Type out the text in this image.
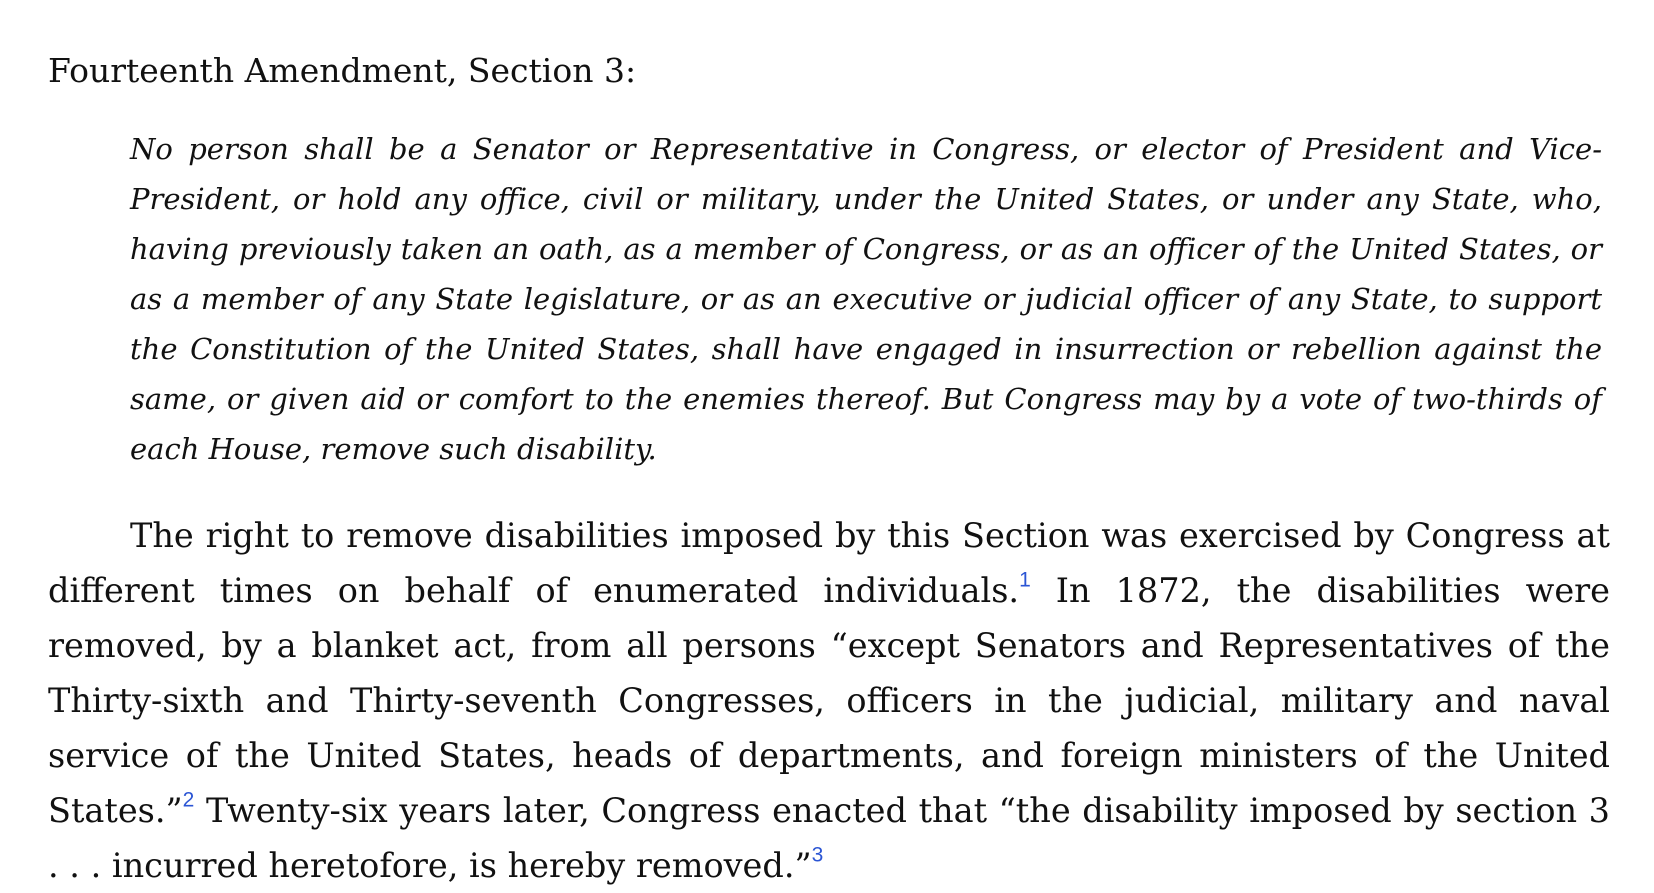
Fourteenth Amendment, Section 3:

No person shall be a Senator or Representative in Congress, or elector of President and Vice-President, or hold any office, civil or military, under the United States, or under any State, who, having previously taken an oath, as a member of Congress, or as an officer of the United States, or as a member of any State legislature, or as an executive or judicial officer of any State, to support the Constitution of the United States, shall have engaged in insurrection or rebellion against the same, or given aid or comfort to the enemies thereof. But Congress may by a vote of two-thirds of each House, remove such disability.

The right to remove disabilities imposed by this Section was exercised by Congress at different times on behalf of enumerated individuals.$^1$ In 1872, the disabilities were removed, by a blanket act, from all persons “except Senators and Representatives of the Thirty-sixth and Thirty-seventh Congresses, officers in the judicial, military and naval service of the United States, heads of departments, and foreign ministers of the United States.”$^2$ Twenty-six years later, Congress enacted that “the disability imposed by section 3 . . . incurred heretofore, is hereby removed.”$^3$
